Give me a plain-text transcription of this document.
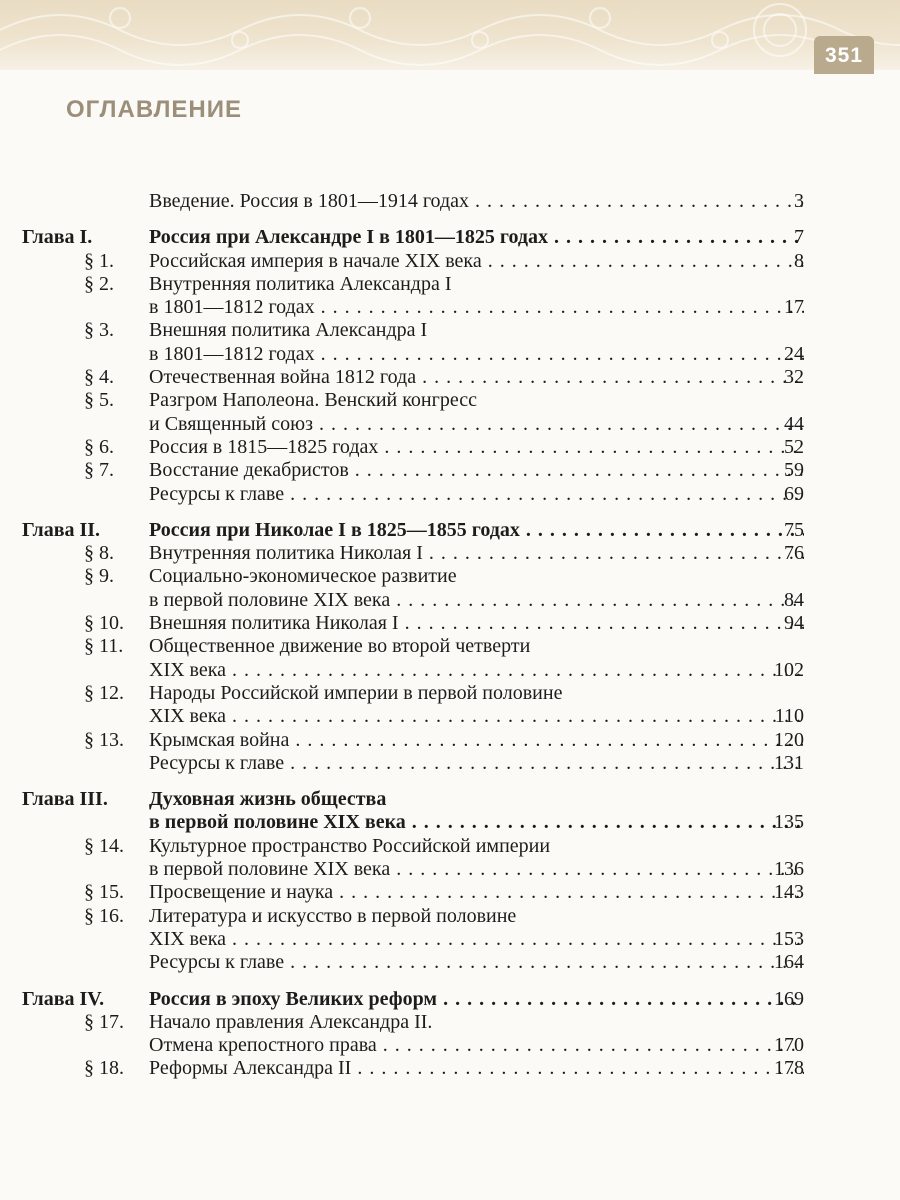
351
ОГЛАВЛЕНИЕ
Введение. Россия в 1801—1914 годах . . .	3
Глава I.	Россия при Александре I в 1801—1825 годах . . .	7
§ 1.	Российская империя в начале XIX века . . .	8
§ 2.	Внутренняя политика Александра I
в 1801—1812 годах . . .	17
§ 3.	Внешняя политика Александра I
в 1801—1812 годах . . .	24
§ 4.	Отечественная война 1812 года . . .	32
§ 5.	Разгром Наполеона. Венский конгресс
и Священный союз . . .	44
§ 6.	Россия в 1815—1825 годах . . .	52
§ 7.	Восстание декабристов . . .	59
Ресурсы к главе . . .	69
Глава II.	Россия при Николае I в 1825—1855 годах . . .	75
§ 8.	Внутренняя политика Николая I . . .	76
§ 9.	Социально-экономическое развитие
в первой половине XIX века . . .	84
§ 10.	Внешняя политика Николая I . . .	94
§ 11.	Общественное движение во второй четверти
XIX века . . .	102
§ 12.	Народы Российской империи в первой половине
XIX века . . .	110
§ 13.	Крымская война . . .	120
Ресурсы к главе . . .	131
Глава III.	Духовная жизнь общества
в первой половине XIX века . . .	135
§ 14.	Культурное пространство Российской империи
в первой половине XIX века . . .	136
§ 15.	Просвещение и наука . . .	143
§ 16.	Литература и искусство в первой половине
XIX века . . .	153
Ресурсы к главе . . .	164
Глава IV.	Россия в эпоху Великих реформ . . .	169
§ 17.	Начало правления Александра II.
Отмена крепостного права . . .	170
§ 18.	Реформы Александра II . . .	178
